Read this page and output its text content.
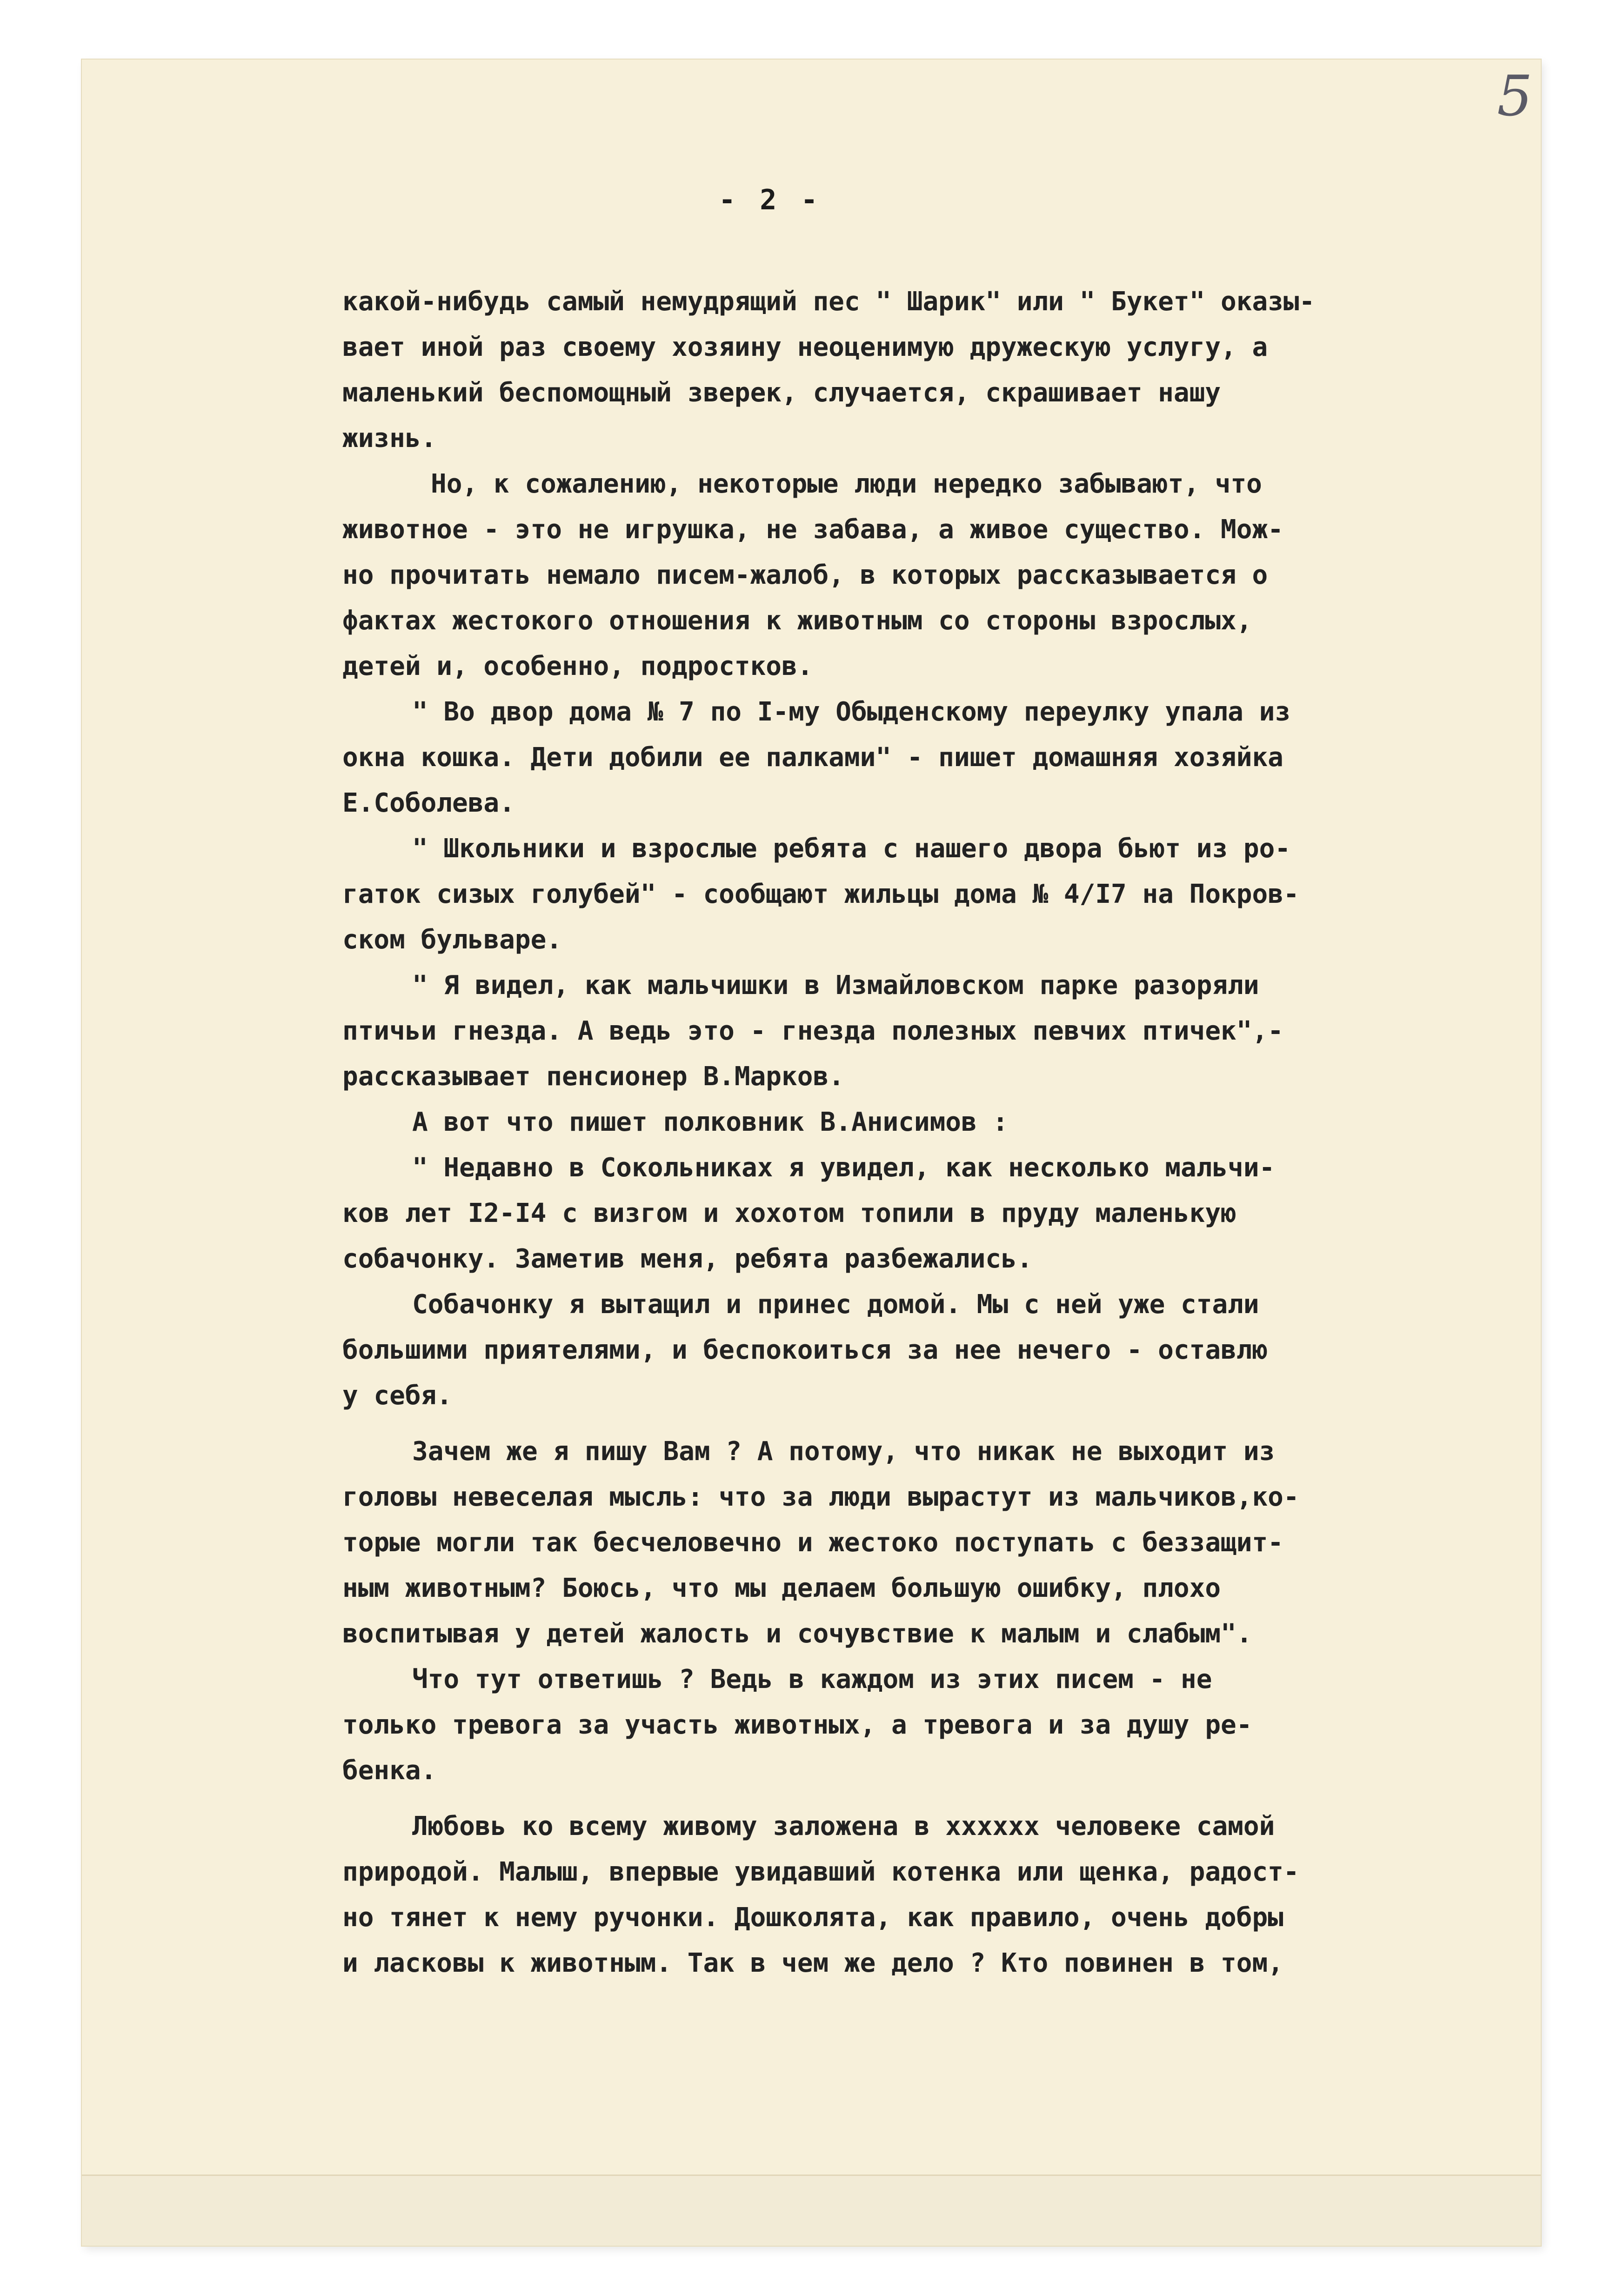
5
- 2 -
какой-нибудь самый немудрящий пес " Шарик" или " Букет" оказы-
вает иной раз своему хозяину неоценимую дружескую услугу, а
маленький беспомощный зверек, случается, скрашивает нашу
жизнь.
Но, к сожалению, некоторые люди нередко забывают, что
животное - это не игрушка, не забава, а живое существо. Мож-
но прочитать немало писем-жалоб, в которых рассказывается о
фактах жестокого отношения к животным со стороны взрослых,
детей и, особенно, подростков.
" Во двор дома № 7 по I-му Обыденскому переулку упала из
окна кошка. Дети добили ее палками" - пишет домашняя хозяйка
Е.Соболева.
" Школьники и взрослые ребята с нашего двора бьют из ро-
гаток сизых голубей" - сообщают жильцы дома № 4/I7 на Покров-
ском бульваре.
" Я видел, как мальчишки в Измайловском парке разоряли
птичьи гнезда. А ведь это - гнезда полезных певчих птичек",-
рассказывает пенсионер В.Марков.
А вот что пишет полковник В.Анисимов :
" Недавно в Сокольниках я увидел, как несколько мальчи-
ков лет I2-I4 с визгом и хохотом топили в пруду маленькую
собачонку. Заметив меня, ребята разбежались.
Собачонку я вытащил и принес домой. Мы с ней уже стали
большими приятелями, и беспокоиться за нее нечего - оставлю
у себя.
Зачем же я пишу Вам ? А потому, что никак не выходит из
головы невеселая мысль: что за люди вырастут из мальчиков,ко-
торые могли так бесчеловечно и жестоко поступать с беззащит-
ным животным? Боюсь, что мы делаем большую ошибку, плохо
воспитывая у детей жалость и сочувствие к малым и слабым".
Что тут ответишь ? Ведь в каждом из этих писем - не
только тревога за участь животных, а тревога и за душу ре-
бенка.
Любовь ко всему живому заложена в хххххх человеке самой
природой. Малыш, впервые увидавший котенка или щенка, радост-
но тянет к нему ручонки. Дошколята, как правило, очень добры
и ласковы к животным. Так в чем же дело ? Кто повинен в том,
